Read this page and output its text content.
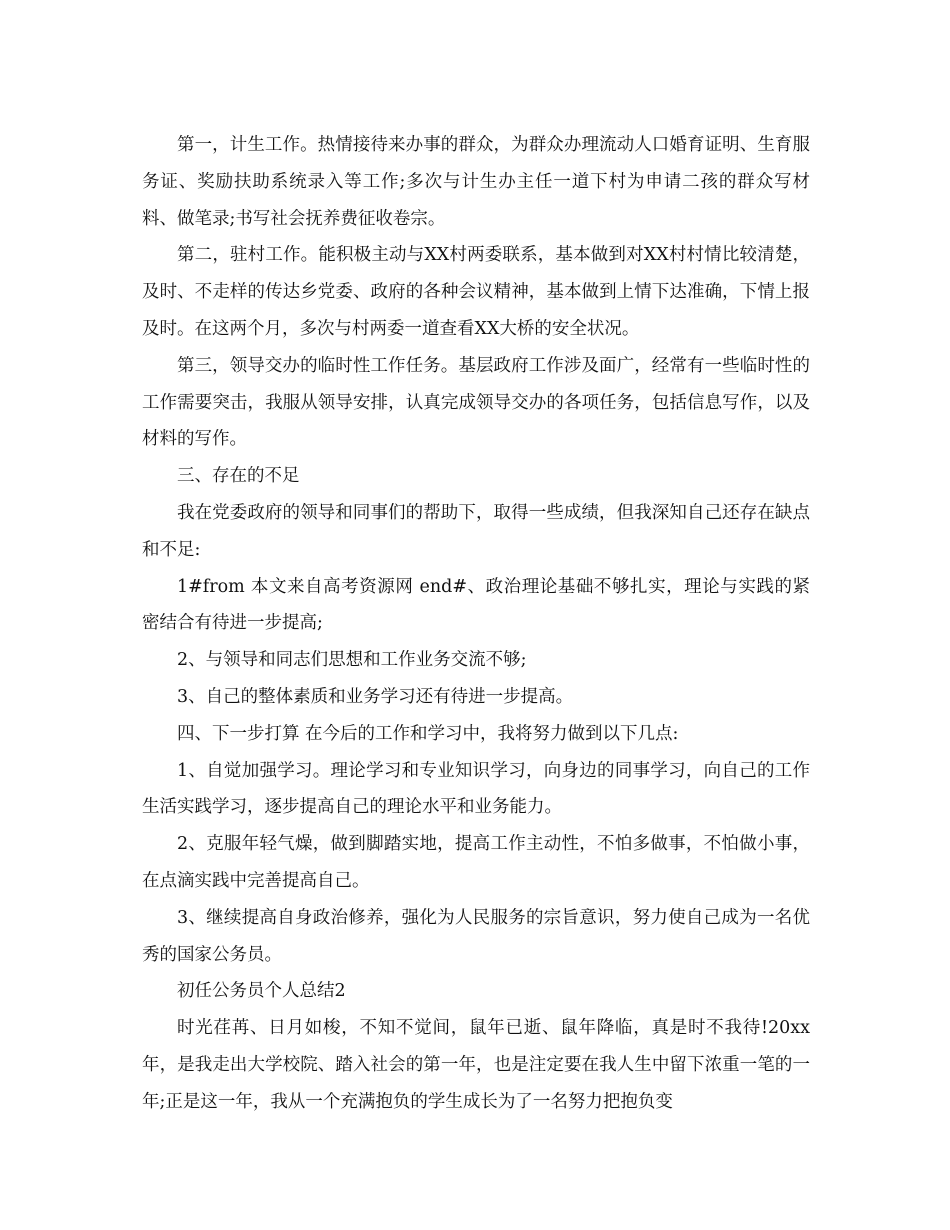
第一，计生工作。热情接待来办事的群众，为群众办理流动人口婚育证明、生育服务证、奖励扶助系统录入等工作;多次与计生办主任一道下村为申请二孩的群众写材料、做笔录;书写社会抚养费征收卷宗。

第二，驻村工作。能积极主动与XX村两委联系，基本做到对XX村村情比较清楚，及时、不走样的传达乡党委、政府的各种会议精神，基本做到上情下达准确，下情上报及时。在这两个月，多次与村两委一道查看XX大桥的安全状况。

第三，领导交办的临时性工作任务。基层政府工作涉及面广，经常有一些临时性的工作需要突击，我服从领导安排，认真完成领导交办的各项任务，包括信息写作，以及材料的写作。

三、存在的不足

我在党委政府的领导和同事们的帮助下，取得一些成绩，但我深知自己还存在缺点和不足:

1#from 本文来自高考资源网 end#、政治理论基础不够扎实，理论与实践的紧密结合有待进一步提高;

2、与领导和同志们思想和工作业务交流不够;

3、自己的整体素质和业务学习还有待进一步提高。

四、下一步打算 在今后的工作和学习中，我将努力做到以下几点:

1、自觉加强学习。理论学习和专业知识学习，向身边的同事学习，向自己的工作生活实践学习，逐步提高自己的理论水平和业务能力。

2、克服年轻气燥，做到脚踏实地，提高工作主动性，不怕多做事，不怕做小事，在点滴实践中完善提高自己。

3、继续提高自身政治修养，强化为人民服务的宗旨意识，努力使自己成为一名优秀的国家公务员。

初任公务员个人总结2

时光荏苒、日月如梭，不知不觉间，鼠年已逝、鼠年降临，真是时不我待!20xx年，是我走出大学校院、踏入社会的第一年，也是注定要在我人生中留下浓重一笔的一年;正是这一年，我从一个充满抱负的学生成长为了一名努力把抱负变
